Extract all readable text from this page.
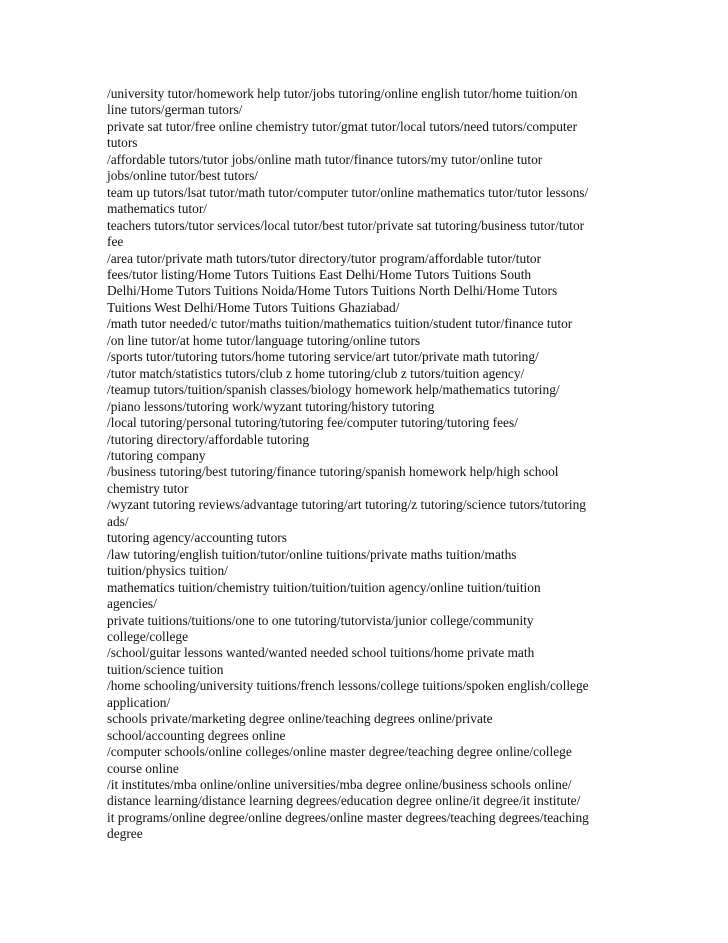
/university tutor/homework help tutor/jobs tutoring/online english tutor/home tuition/on
line tutors/german tutors/
private sat tutor/free online chemistry tutor/gmat tutor/local tutors/need tutors/computer
tutors
/affordable tutors/tutor jobs/online math tutor/finance tutors/my tutor/online tutor
jobs/online tutor/best tutors/
team up tutors/lsat tutor/math tutor/computer tutor/online mathematics tutor/tutor lessons/
mathematics tutor/
teachers tutors/tutor services/local tutor/best tutor/private sat tutoring/business tutor/tutor
fee
/area tutor/private math tutors/tutor directory/tutor program/affordable tutor/tutor
fees/tutor listing/Home Tutors Tuitions East Delhi/Home Tutors Tuitions South
Delhi/Home Tutors Tuitions Noida/Home Tutors Tuitions North Delhi/Home Tutors
Tuitions West Delhi/Home Tutors Tuitions Ghaziabad/
/math tutor needed/c tutor/maths tuition/mathematics tuition/student tutor/finance tutor
/on line tutor/at home tutor/language tutoring/online tutors
/sports tutor/tutoring tutors/home tutoring service/art tutor/private math tutoring/
/tutor match/statistics tutors/club z home tutoring/club z tutors/tuition agency/
/teamup tutors/tuition/spanish classes/biology homework help/mathematics tutoring/
/piano lessons/tutoring work/wyzant tutoring/history tutoring
/local tutoring/personal tutoring/tutoring fee/computer tutoring/tutoring fees/
/tutoring directory/affordable tutoring
/tutoring company
/business tutoring/best tutoring/finance tutoring/spanish homework help/high school
chemistry tutor
/wyzant tutoring reviews/advantage tutoring/art tutoring/z tutoring/science tutors/tutoring
ads/
tutoring agency/accounting tutors
/law tutoring/english tuition/tutor/online tuitions/private maths tuition/maths
tuition/physics tuition/
mathematics tuition/chemistry tuition/tuition/tuition agency/online tuition/tuition
agencies/
private tuitions/tuitions/one to one tutoring/tutorvista/junior college/community
college/college
/school/guitar lessons wanted/wanted needed school tuitions/home private math
tuition/science tuition
/home schooling/university tuitions/french lessons/college tuitions/spoken english/college
application/
schools private/marketing degree online/teaching degrees online/private
school/accounting degrees online
/computer schools/online colleges/online master degree/teaching degree online/college
course online
/it institutes/mba online/online universities/mba degree online/business schools online/
distance learning/distance learning degrees/education degree online/it degree/it institute/
it programs/online degree/online degrees/online master degrees/teaching degrees/teaching
degree
